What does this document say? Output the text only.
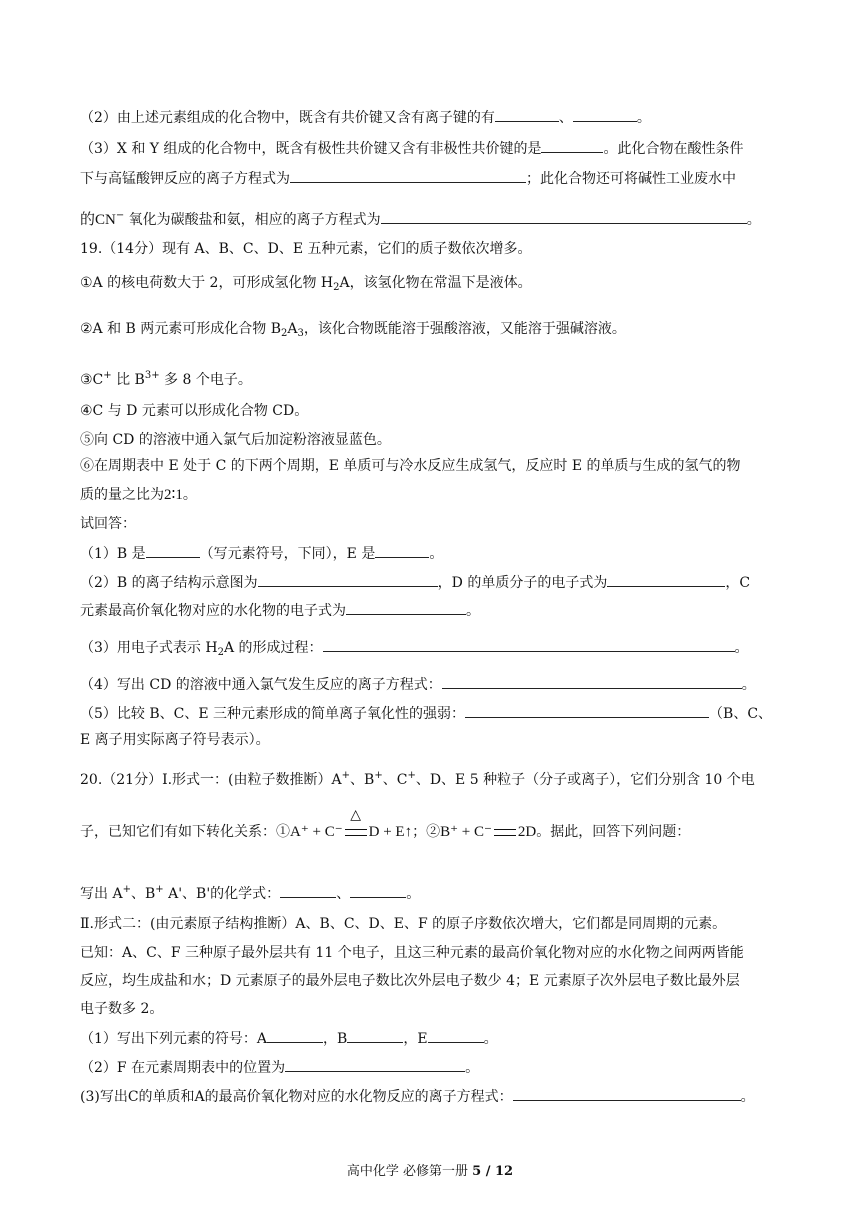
（2）由上述元素组成的化合物中，既含有共价键又含有离子键的有	、	。
（3）X 和 Y 组成的化合物中，既含有极性共价键又含有非极性共价键的是	。此化合物在酸性条件
下与高锰酸钾反应的离子方程式为	；此化合物还可将碱性工业废水中
的CN− 氧化为碳酸盐和氨，相应的离子方程式为	。
19.（14分）现有 A、B、C、D、E 五种元素，它们的质子数依次增多。
①A 的核电荷数大于 2，可形成氢化物 $H_2A$，该氢化物在常温下是液体。
②A 和 B 两元素可形成化合物 $B_2A_3$，该化合物既能溶于强酸溶液，又能溶于强碱溶液。
③C+ 比 $B^{3+}$ 多 8 个电子。
④C 与 D 元素可以形成化合物 CD。
⑤向 CD 的溶液中通入氯气后加淀粉溶液显蓝色。
⑥在周期表中 E 处于 C 的下两个周期，E 单质可与冷水反应生成氢气，反应时 E 的单质与生成的氢气的物
质的量之比为2∶1。
试回答：
（1）B 是	（写元素符号，下同），E 是	。
（2）B 的离子结构示意图为	，D 的单质分子的电子式为	，C
元素最高价氧化物对应的水化物的电子式为	。
（3）用电子式表示 $H_2A$ 的形成过程：	。
（4）写出 CD 的溶液中通入氯气发生反应的离子方程式：	。
（5）比较 B、C、E 三种元素形成的简单离子氧化性的强弱：	（B、C、
E 离子用实际离子符号表示）。
20.（21分）I.形式一：(由粒子数推断）A+、B+、C+、D、E 5 种粒子（分子或离子），它们分别含 10 个电
子，已知它们有如下转化关系：①A⁺ + C⁻
△
D + E↑；②B⁺ + C⁻ 2D。据此，回答下列问题：
写出 A+、B+ A'、B'的化学式：	、	。
Ⅱ.形式二：(由元素原子结构推断）A、B、C、D、E、F 的原子序数依次增大，它们都是同周期的元素。
已知：A、C、F 三种原子最外层共有 11 个电子，且这三种元素的最高价氧化物对应的水化物之间两两皆能
反应，均生成盐和水；D 元素原子的最外层电子数比次外层电子数少 4；E 元素原子次外层电子数比最外层
电子数多 2。
（1）写出下列元素的符号：A	，B	，E	。
（2）F 在元素周期表中的位置为	。
(3)写出C的单质和A的最高价氧化物对应的水化物反应的离子方程式：	。
高中化学 必修第一册 5 / 12
